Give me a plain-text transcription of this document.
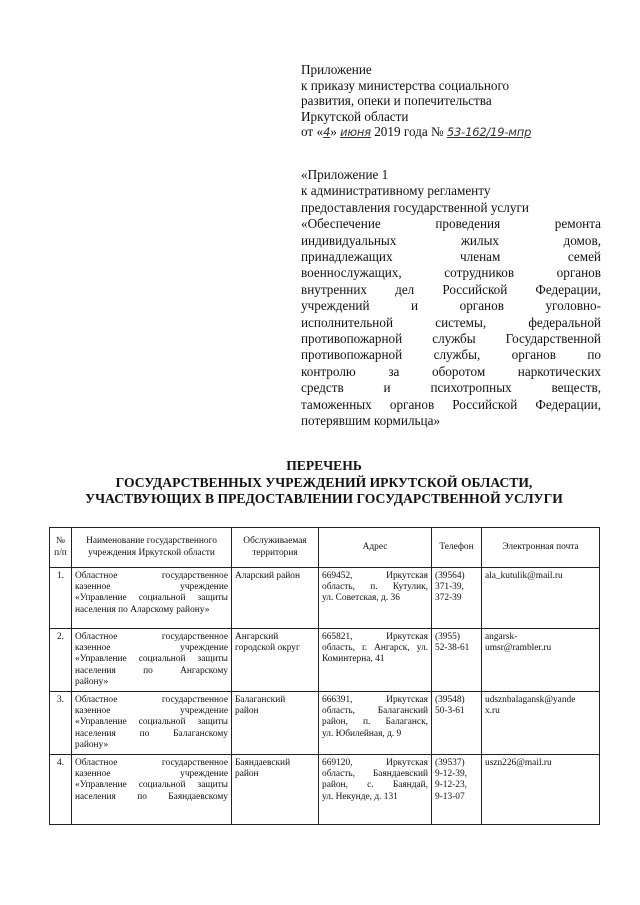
Приложение
к приказу министерства социального
развития, опеки и попечительства
Иркутской области
от «4» июня 2019 года № 53-162/19-мпр
«Приложение 1
к административному регламенту
предоставления государственной услуги
«Обеспечение проведения ремонта
индивидуальных жилых домов,
принадлежащих членам семей
военнослужащих, сотрудников органов
внутренних дел Российской Федерации,
учреждений и органов уголовно-
исполнительной системы, федеральной
противопожарной службы Государственной
противопожарной службы, органов по
контролю за оборотом наркотических
средств и психотропных веществ,
таможенных органов Российской Федерации,
потерявшим кормильца»
ПЕРЕЧЕНЬ
ГОСУДАРСТВЕННЫХ УЧРЕЖДЕНИЙ ИРКУТСКОЙ ОБЛАСТИ,
УЧАСТВУЮЩИХ В ПРЕДОСТАВЛЕНИИ ГОСУДАРСТВЕННОЙ УСЛУГИ
№ п/п	Наименование государственного учреждения Иркутской области	Обслуживаемая территория	Адрес	Телефон	Электронная почта
1.	Областное государственное
казенное учреждение
«Управление социальной защиты
населения по Аларскому району»	Аларский район	669452, Иркутская
область, п. Кутулик,
ул. Советская, д. 36	(39564)
371-39,
372-39	ala_kutulik@mail.ru

2.	Областное государственное
казенное учреждение
«Управление социальной защиты
населения по Ангарскому
району»	Ангарский
городской округ	665821, Иркутская
область, г. Ангарск, ул.
Коминтерна, 41	(3955)
52-38-61	angarsk-
umsr@rambler.ru

3.	Областное государственное
казенное учреждение
«Управление социальной защиты
населения по Балаганскому
району»	Балаганский
район	666391, Иркутская
область, Балаганский
район, п. Балаганск,
ул. Юбилейная, д. 9	(39548)
50-3-61	udsznbalagansk@yande
x.ru

4.	Областное государственное
казенное учреждение
«Управление социальной защиты
населения по Баяндаевскому	Баяндаевский
район	669120, Иркутская
область, Баяндаевский
район, с. Баяндай,
ул. Некунде, д. 131	(39537)
9-12-39,
9-12-23,
9-13-07	uszn226@mail.ru
